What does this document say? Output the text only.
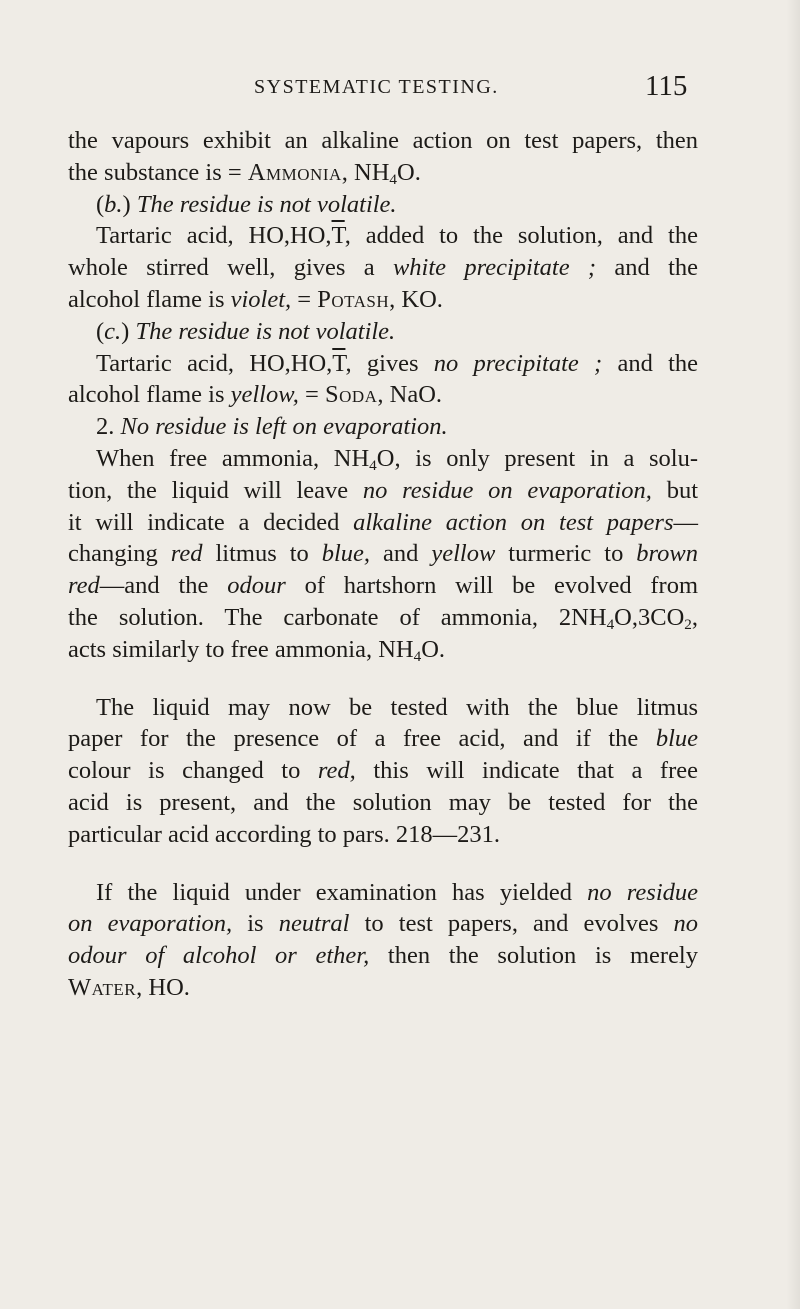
SYSTEMATIC TESTING.	115
the vapours exhibit an alkaline action on test papers, then
the substance is = Ammonia, $NH_4O$.
(b.) The residue is not volatile.
Tartaric acid, $HO,HO,\overline{T}$, added to the solution, and the
whole stirred well, gives a white precipitate ; and the
alcohol flame is violet, = Potash, KO.
(c.) The residue is not volatile.
Tartaric acid, $HO,HO,\overline{T}$, gives no precipitate ; and the
alcohol flame is yellow, = Soda, NaO.
2. No residue is left on evaporation.
When free ammonia, $NH_4O$, is only present in a solu-
tion, the liquid will leave no residue on evaporation, but
it will indicate a decided alkaline action on test papers—
changing red litmus to blue, and yellow turmeric to brown
red—and the odour of hartshorn will be evolved from
the solution. The carbonate of ammonia, $2NH_4O,3CO_2$,
acts similarly to free ammonia, $NH_4O$.
The liquid may now be tested with the blue litmus
paper for the presence of a free acid, and if the blue
colour is changed to red, this will indicate that a free
acid is present, and the solution may be tested for the
particular acid according to pars. 218—231.
If the liquid under examination has yielded no residue
on evaporation, is neutral to test papers, and evolves no
odour of alcohol or ether, then the solution is merely
Water, HO.
